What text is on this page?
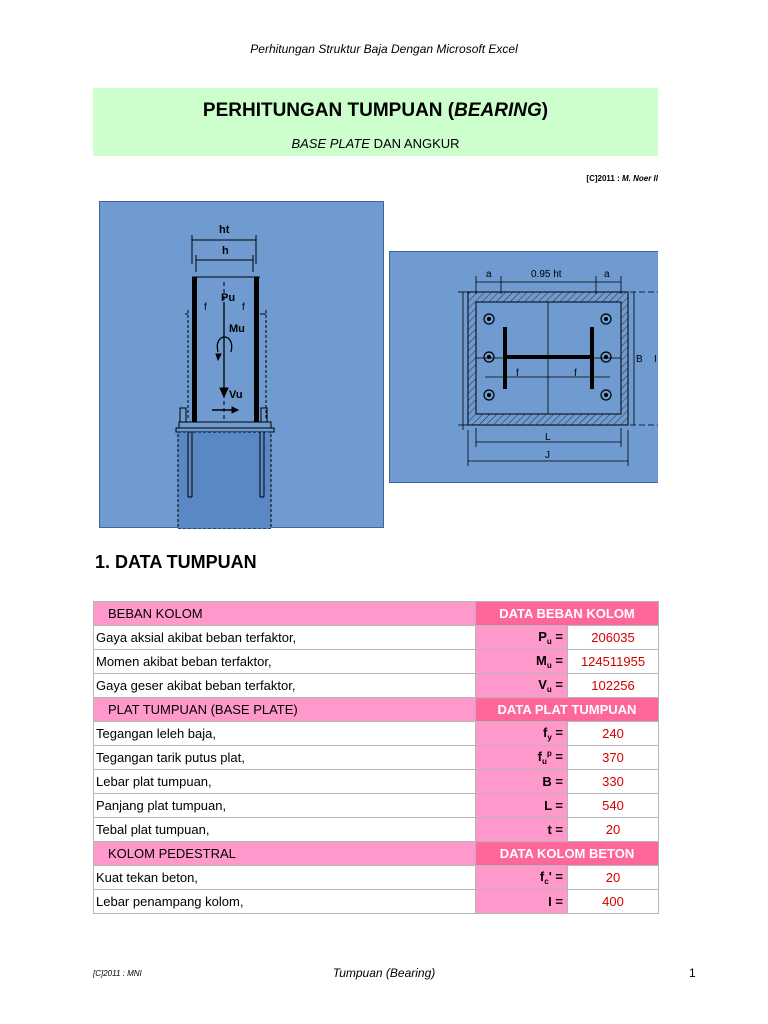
Perhitungan Struktur Baja Dengan Microsoft Excel
PERHITUNGAN TUMPUAN (BEARING)
BASE PLATE DAN ANGKUR
[C]2011 : M. Noer Il
ht
h
Pu
Mu
Vu
f	f
a	0.95 ht	a
f	f
B I
L
J
1. DATA TUMPUAN
BEBAN KOLOM	DATA BEBAN KOLOM	
Gaya aksial akibat beban terfaktor,	$P_u$ =	206035
Momen akibat beban terfaktor,	$M_u$ =	124511955
Gaya geser akibat beban terfaktor,	$V_u$ =	102256
PLAT TUMPUAN (BASE PLATE)	DATA PLAT TUMPUAN	
Tegangan leleh baja,	$f_y$ =	240
Tegangan tarik putus plat,	$f_u^p$ =	370
Lebar plat tumpuan,	B =	330
Panjang plat tumpuan,	L =	540
Tebal plat tumpuan,	t =	20
KOLOM PEDESTRAL	DATA KOLOM BETON	
Kuat tekan beton,	$f_c'$ =	20
Lebar penampang kolom,	I =	400
[C]2011 : MNI	Tumpuan (Bearing)	1
